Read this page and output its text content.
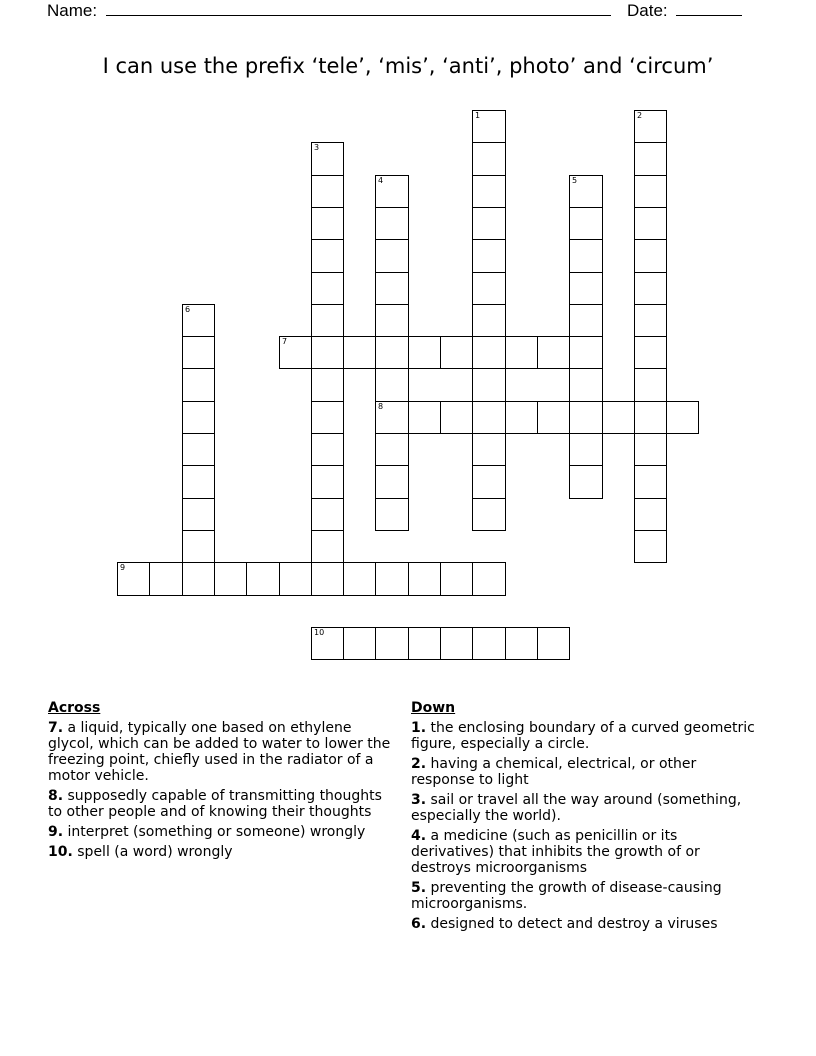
Name:	Date:
I can use the prefix ‘tele’, ‘mis’, ‘anti’, photo’ and ‘circum’
1	2
3
4
8
5
6
7
9
10
Across
7. a liquid, typically one based on ethylene glycol, which can be added to water to lower the freezing point, chiefly used in the radiator of a motor vehicle.
8. supposedly capable of transmitting thoughts to other people and of knowing their thoughts
9. interpret (something or someone) wrongly
10. spell (a word) wrongly
Down
1. the enclosing boundary of a curved geometric figure, especially a circle.
2. having a chemical, electrical, or other response to light
3. sail or travel all the way around (something, especially the world).
4. a medicine (such as penicillin or its derivatives) that inhibits the growth of or destroys microorganisms
5. preventing the growth of disease-causing microorganisms.
6. designed to detect and destroy a viruses
